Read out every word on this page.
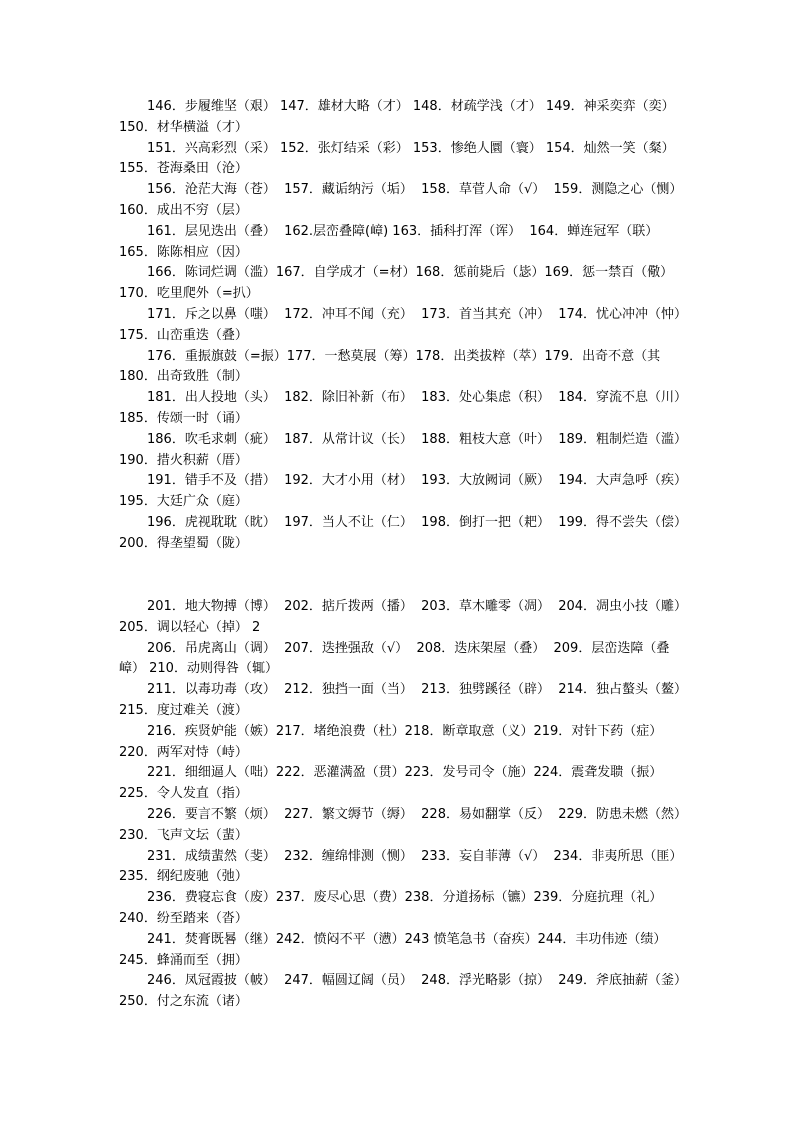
146．步履维坚（艰） 147．雄材大略（才） 148．材疏学浅（才） 149．神采奕弈（奕）
150．材华横溢（才）
151．兴高彩烈（采） 152．张灯结采（彩） 153．惨绝人圜（寰） 154．灿然一笑（粲）
155．苍海桑田（沧）
156．沧茫大海（苍）  157．藏诟纳污（垢）  158．草菅人命（√）  159．测隐之心（恻）
160．成出不穷（层）
161．层见迭出（叠）  162.层峦叠障(嶂) 163．插科打浑（诨）  164．蝉连冠军（联）
165．陈陈相应（因）
166．陈词烂调（滥）167．自学成才（=材）168．惩前毙后（毖）169．惩一禁百（儆）
170．吃里爬外（=扒）
171．斥之以鼻（嗤）  172．冲耳不闻（充）  173．首当其充（冲）  174．忧心冲冲（忡）
175．山峦重迭（叠）
176．重振旗鼓（=振）177．一愁莫展（筹）178．出类拔粹（萃）179．出奇不意（其
180．出奇致胜（制）
181．出人投地（头）  182．除旧补新（布）  183．处心集虑（积）  184．穿流不息（川）
185．传颂一时（诵）
186．吹毛求刺（疵）  187．从常计议（长）  188．粗枝大意（叶）  189．粗制烂造（滥）
190．措火积薪（厝）
191．错手不及（措）  192．大才小用（材）  193．大放阙词（厥）  194．大声急呼（疾）
195．大廷广众（庭）
196．虎视耽耽（眈）  197．当人不让（仁）  198．倒打一把（耙）  199．得不尝失（偿）
200．得垄望蜀（陇）
201．地大物搏（博）  202．掂斤拨两（播）  203．草木雕零（凋）  204．凋虫小技（雕）
205．调以轻心（掉） 2
206．吊虎离山（调）  207．迭挫强敌（√）  208．迭床架屋（叠）  209．层峦迭障（叠
嶂） 210．动则得咎（辄）
211．以毒功毒（攻）  212．独挡一面（当）  213．独劈蹊径（辟）  214．独占螯头（鳌）
215．度过难关（渡）
216．疾贤妒能（嫉）217．堵绝浪费（杜）218．断章取意（义）219．对针下药（症）
220．两军对恃（峙）
221．细细逼人（咄）222．恶灌满盈（贯）223．发号司令（施）224．震聋发聩（振）
225．令人发直（指）
226．要言不繁（烦）  227．繁文缛节（缛）  228．易如翻掌（反）  229．防患未燃（然）
230．飞声文坛（蜚）
231．成绩蜚然（斐）  232．缠绵悱测（恻）  233．妄自菲薄（√）  234．非夷所思（匪）
235．纲纪废驰（弛）
236．费寝忘食（废）237．废尽心思（费）238．分道扬标（镳）239．分庭抗理（礼）
240．纷至踏来（沓）
241．焚膏既晷（继）242．愤闷不平（懑）243 愤笔急书（奋疾）244．丰功伟迹（绩）
245．蜂涌而至（拥）
246．凤冠霞披（帔）  247．幅圆辽阔（员）  248．浮光略影（掠）  249．斧底抽薪（釜）
250．付之东流（诸）
